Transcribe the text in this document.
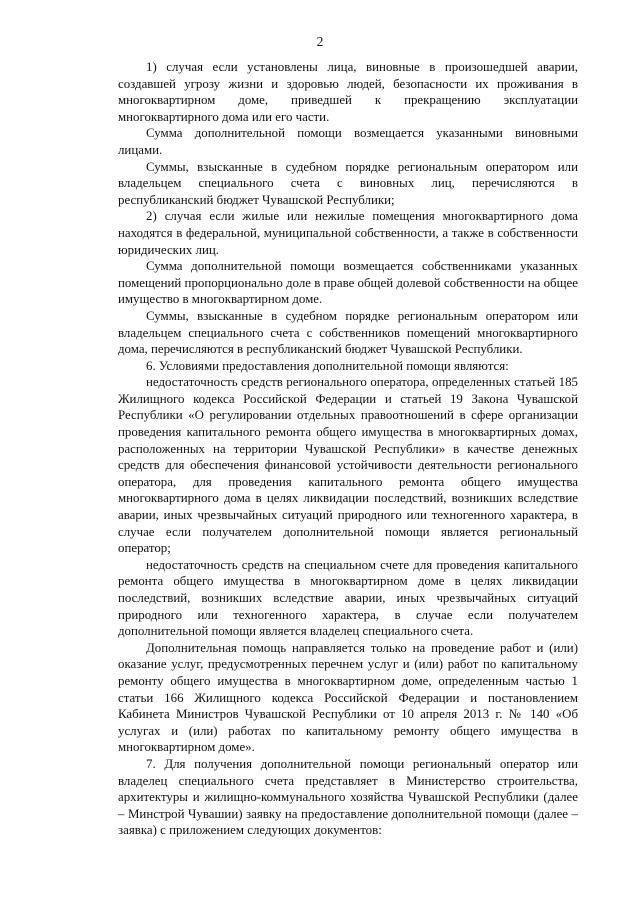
2

1) случая если установлены лица, виновные в произошедшей аварии, создавшей угрозу жизни и здоровью людей, безопасности их проживания в многоквартирном доме, приведшей к прекращению эксплуатации многоквартирного дома или его части.

Сумма дополнительной помощи возмещается указанными виновными лицами.

Суммы, взысканные в судебном порядке региональным оператором или владельцем специального счета с виновных лиц, перечисляются в республиканский бюджет Чувашской Республики;

2) случая если жилые или нежилые помещения многоквартирного дома находятся в федеральной, муниципальной собственности, а также в собственности юридических лиц.

Сумма дополнительной помощи возмещается собственниками указанных помещений пропорционально доле в праве общей долевой собственности на общее имущество в многоквартирном доме.

Суммы, взысканные в судебном порядке региональным оператором или владельцем специального счета с собственников помещений многоквартирного дома, перечисляются в республиканский бюджет Чувашской Республики.

6. Условиями предоставления дополнительной помощи являются:

недостаточность средств регионального оператора, определенных статьей 185 Жилищного кодекса Российской Федерации и статьей 19 Закона Чувашской Республики «О регулировании отдельных правоотношений в сфере организации проведения капитального ремонта общего имущества в многоквартирных домах, расположенных на территории Чувашской Республики» в качестве денежных средств для обеспечения финансовой устойчивости деятельности регионального оператора, для проведения капитального ремонта общего имущества многоквартирного дома в целях ликвидации последствий, возникших вследствие аварии, иных чрезвычайных ситуаций природного или техногенного характера, в случае если получателем дополнительной помощи является региональный оператор;

недостаточность средств на специальном счете для проведения капитального ремонта общего имущества в многоквартирном доме в целях ликвидации последствий, возникших вследствие аварии, иных чрезвычайных ситуаций природного или техногенного характера, в случае если получателем дополнительной помощи является владелец специального счета.

Дополнительная помощь направляется только на проведение работ и (или) оказание услуг, предусмотренных перечнем услуг и (или) работ по капитальному ремонту общего имущества в многоквартирном доме, определенным частью 1 статьи 166 Жилищного кодекса Российской Федерации и постановлением Кабинета Министров Чувашской Республики от 10 апреля 2013 г. № 140 «Об услугах и (или) работах по капитальному ремонту общего имущества в многоквартирном доме».

7. Для получения дополнительной помощи региональный оператор или владелец специального счета представляет в Министерство строительства, архитектуры и жилищно-коммунального хозяйства Чувашской Республики (далее – Минстрой Чувашии) заявку на предоставление дополнительной помощи (далее – заявка) с приложением следующих документов:
